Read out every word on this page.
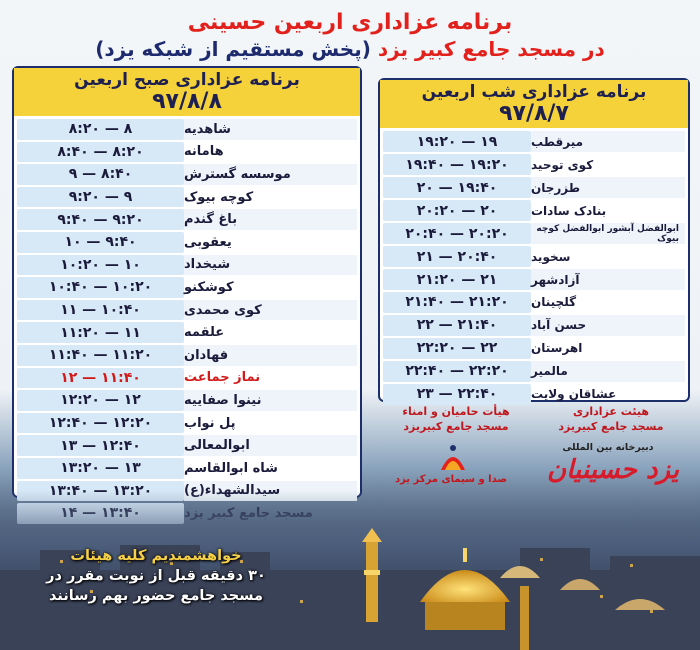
برنامه عزاداری اربعین حسینی
در مسجد جامع کبیر یزد (پخش مستقیم از شبکه یزد)
برنامه عزاداری صبح اربعین
۹۷/۸/۸
شاهدیه
۸ — ۸:۲۰
هامانه
۸:۲۰ — ۸:۴۰
موسسه گسترش
۸:۴۰ — ۹
کوچه بیوک
۹ — ۹:۲۰
باغ گندم
۹:۲۰ — ۹:۴۰
یعقوبی
۹:۴۰ — ۱۰
شیخداد
۱۰ — ۱۰:۲۰
کوشکنو
۱۰:۲۰ — ۱۰:۴۰
کوی محمدی
۱۰:۴۰ — ۱۱
علقمه
۱۱ — ۱۱:۲۰
فهادان
۱۱:۲۰ — ۱۱:۴۰
نماز جماعت
۱۱:۴۰ — ۱۲
نینوا صفاییه
۱۲ — ۱۲:۲۰
پل نواب
۱۲:۲۰ — ۱۲:۴۰
ابوالمعالی
۱۲:۴۰ — ۱۳
شاه ابوالقاسم
۱۳ — ۱۳:۲۰
برنامه عزاداری شب اربعین
۹۷/۸/۷
میرقطب
۱۹ — ۱۹:۲۰
کوی توحید
۱۹:۲۰ — ۱۹:۴۰
طزرجان
۱۹:۴۰ — ۲۰
بنادک سادات
۲۰ — ۲۰:۲۰
ابوالفضل آبشور ابوالفضل کوچه بیوک
۲۰:۲۰ — ۲۰:۴۰
سخوید
۲۰:۴۰ — ۲۱
آزادشهر
۲۱ — ۲۱:۲۰
گلچینان
۲۱:۲۰ — ۲۱:۴۰
حسن آباد
۲۱:۴۰ — ۲۲
اهرستان
۲۲ — ۲۲:۲۰
مالمیر
۲۲:۲۰ — ۲۲:۴۰
عشاقان ولایت
۲۲:۴۰ — ۲۳
هیأت حامیان و امناء
مسجد جامع کبیریزد
هیئت عزاداری
مسجد جامع کبیریزد
صدا و سیمای مرکز یزد
دبیرخانه بین المللی
یزد حسینیان
خواهشمندیم کلیه هیئات
۳۰ دقیقه قبل از نوبت مقرر در
مسجد جامع حضور بهم رسانند
